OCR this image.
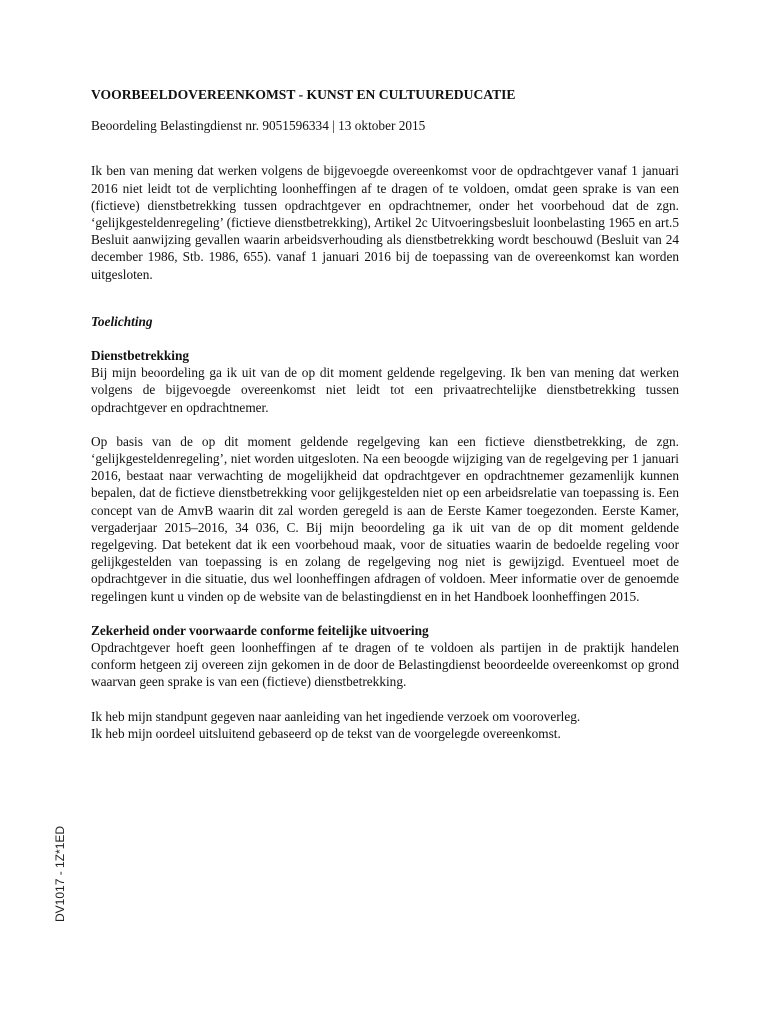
VOORBEELDOVEREENKOMST - KUNST EN CULTUUREDUCATIE
Beoordeling Belastingdienst nr. 9051596334 | 13 oktober 2015

Ik ben van mening dat werken volgens de bijgevoegde overeenkomst voor de opdrachtgever vanaf 1 januari 2016 niet leidt tot de verplichting loonheffingen af te dragen of te voldoen, omdat geen sprake is van een (fictieve) dienstbetrekking tussen opdrachtgever en opdrachtnemer, onder het voorbehoud dat de zgn. ‘gelijkgesteldenregeling’ (fictieve dienstbetrekking), Artikel 2c Uitvoeringsbesluit loonbelasting 1965 en art.5 Besluit aanwijzing gevallen waarin arbeidsverhouding als dienstbetrekking wordt beschouwd (Besluit van 24 december 1986, Stb. 1986, 655). vanaf 1 januari 2016 bij de toepassing van de overeenkomst kan worden uitgesloten.

Toelichting
Dienstbetrekking

Bij mijn beoordeling ga ik uit van de op dit moment geldende regelgeving. Ik ben van mening dat werken volgens de bijgevoegde overeenkomst niet leidt tot een privaatrechtelijke dienstbetrekking tussen opdrachtgever en opdrachtnemer.

Op basis van de op dit moment geldende regelgeving kan een fictieve dienstbetrekking, de zgn. ‘gelijkgesteldenregeling’, niet worden uitgesloten. Na een beoogde wijziging van de regelgeving per 1 januari 2016, bestaat naar verwachting de mogelijkheid dat opdrachtgever en opdrachtnemer gezamenlijk kunnen bepalen, dat de fictieve dienstbetrekking voor gelijkgestelden niet op een arbeidsrelatie van toepassing is. Een concept van de AmvB waarin dit zal worden geregeld is aan de Eerste Kamer toegezonden. Eerste Kamer, vergaderjaar 2015–2016, 34 036, C. Bij mijn beoordeling ga ik uit van de op dit moment geldende regelgeving. Dat betekent dat ik een voorbehoud maak, voor de situaties waarin de bedoelde regeling voor gelijkgestelden van toepassing is en zolang de regelgeving nog niet is gewijzigd. Eventueel moet de opdrachtgever in die situatie, dus wel loonheffingen afdragen of voldoen. Meer informatie over de genoemde regelingen kunt u vinden op de website van de belastingdienst en in het Handboek loonheffingen 2015.

Zekerheid onder voorwaarde conforme feitelijke uitvoering

Opdrachtgever hoeft geen loonheffingen af te dragen of te voldoen als partijen in de praktijk handelen conform hetgeen zij overeen zijn gekomen in de door de Belastingdienst beoordeelde overeenkomst op grond waarvan geen sprake is van een (fictieve) dienstbetrekking.

Ik heb mijn standpunt gegeven naar aanleiding van het ingediende verzoek om vooroverleg.

Ik heb mijn oordeel uitsluitend gebaseerd op de tekst van de voorgelegde overeenkomst.

DV1017 - 1Z*1ED
